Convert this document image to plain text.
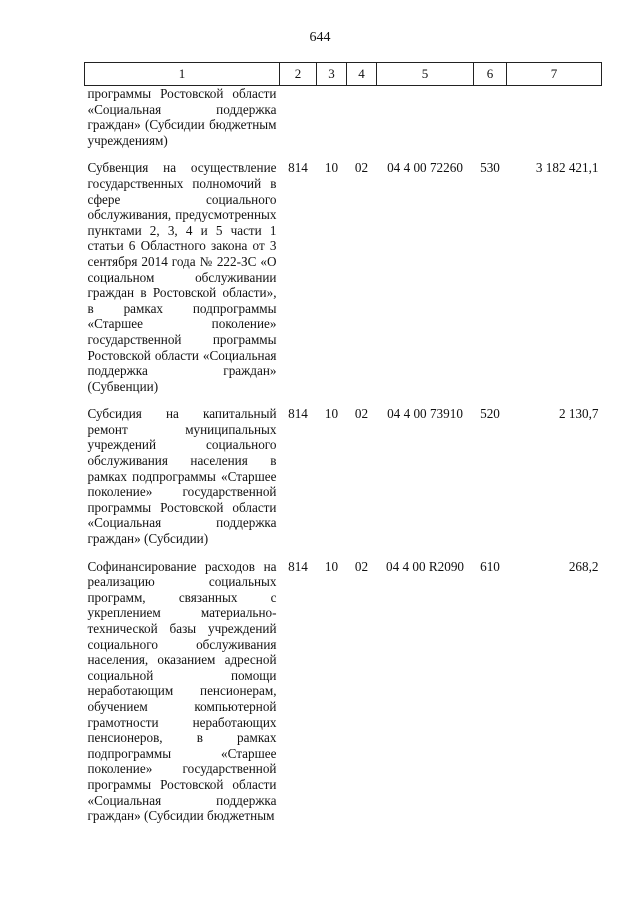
644
1	2	3	4	5	6	7
программы Ростовской области «Социальная поддержка граждан» (Субсидии бюджетным учреждениям)						
Субвенция на осуществление государственных полномочий в сфере социального обслуживания, предусмотренных пунктами 2, 3, 4 и 5 части 1 статьи 6 Областного закона от 3 сентября 2014 года № 222-ЗС «О социальном обслуживании граждан в Ростовской области», в рамках подпрограммы «Старшее поколение» государственной программы Ростовской области «Социальная поддержка граждан» (Субвенции)	814	10	02	04 4 00 72260	530	3 182 421,1
Субсидия на капитальный ремонт муниципальных учреждений социального обслуживания населения в рамках подпрограммы «Старшее поколение» государственной программы Ростовской области «Социальная поддержка граждан» (Субсидии)	814	10	02	04 4 00 73910	520	2 130,7
Софинансирование расходов на реализацию социальных программ, связанных с укреплением материально-технической базы учреждений социального обслуживания населения, оказанием адресной социальной помощи неработающим пенсионерам, обучением компьютерной грамотности неработающих пенсионеров, в рамках подпрограммы «Старшее поколение» государственной программы Ростовской области «Социальная поддержка граждан» (Субсидии бюджетным	814	10	02	04 4 00 R2090	610	268,2
